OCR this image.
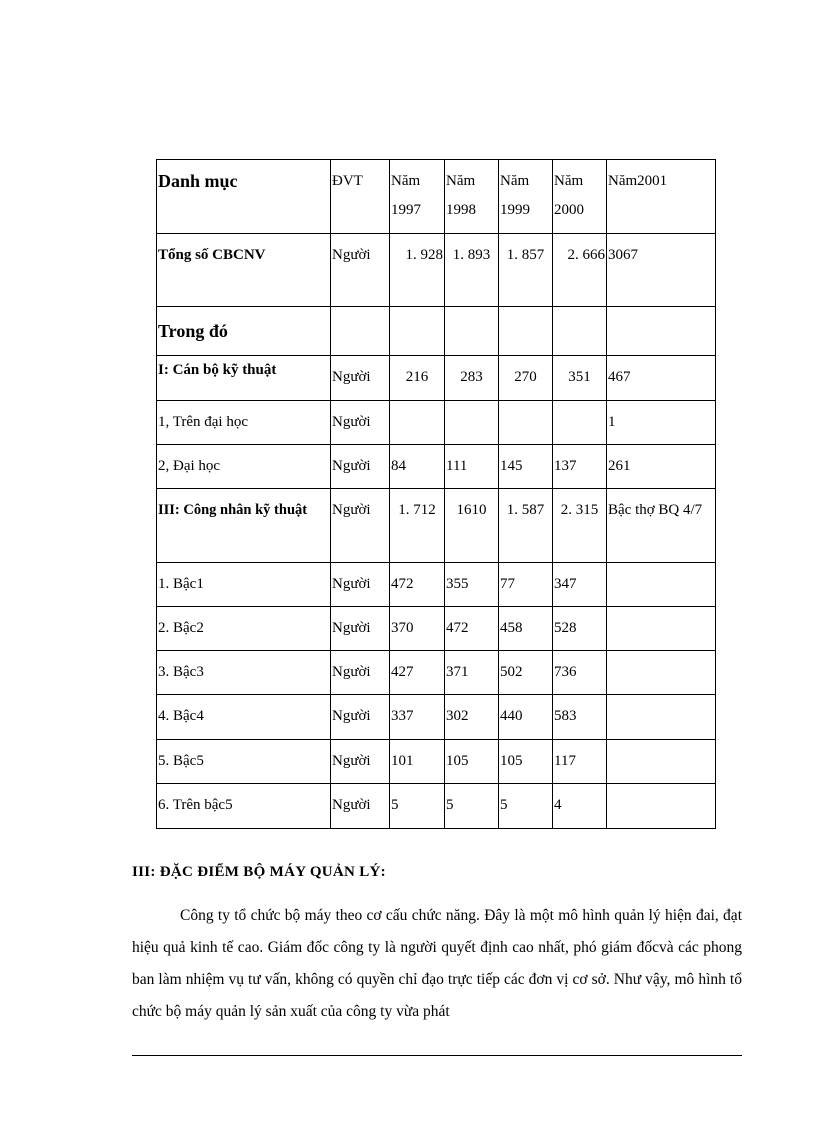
Danh mục	ĐVT	Năm 1997	Năm 1998	Năm 1999	Năm 2000	Năm2001
Tổng số CBCNV	Người	1. 928	1. 893	1. 857	2. 666	3067
Trong đó						
I: Cán bộ kỹ thuật	Người	216	283	270	351	467
1, Trên đại học	Người					1
2, Đại học	Người	84	111	145	137	261
III: Công nhân kỹ thuật	Người	1. 712	1610	1. 587	2. 315	Bậc thợ BQ 4/7
1. Bậc1	Người	472	355	77	347	
2. Bậc2	Người	370	472	458	528	
3. Bậc3	Người	427	371	502	736	
4. Bậc4	Người	337	302	440	583	
5. Bậc5	Người	101	105	105	117	
6. Trên bậc5	Người	5	5	5	4	
III: ĐẶC ĐIỂM BỘ MÁY QUẢN LÝ:

Công ty tổ chức bộ máy theo cơ cấu chức năng. Đây là một mô hình quản lý hiện đai, đạt hiệu quả kinh tế cao. Giám đốc công ty là người quyết định cao nhất, phó giám đốcvà các phong ban làm nhiệm vụ tư vấn, không có quyền chỉ đạo trực tiếp các đơn vị cơ sở. Như vậy, mô hình tổ chức bộ máy quản lý sản xuất của công ty vừa phát
